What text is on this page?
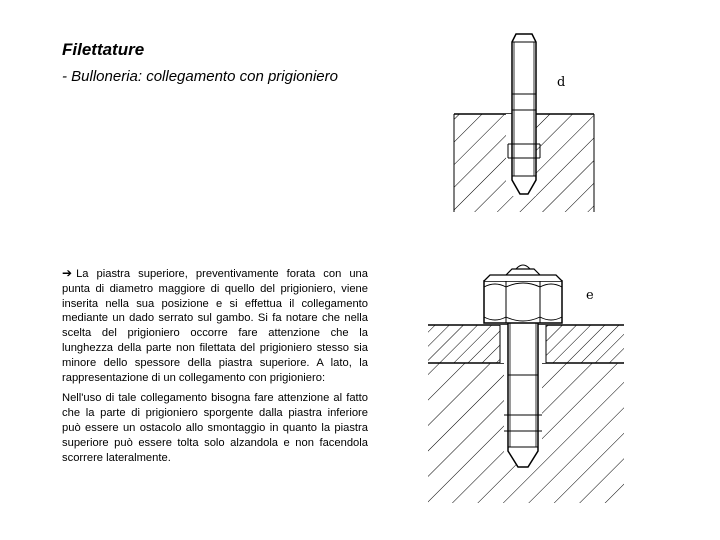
Filettature
- Bulloneria: collegamento con prigioniero

➔ La piastra superiore, preventivamente forata con una punta di diametro maggiore di quello del prigioniero, viene inserita nella sua posizione e si effettua il collegamento mediante un dado serrato sul gambo. Si fa notare che nella scelta del prigioniero occorre fare attenzione che la lunghezza della parte non filettata del prigioniero stesso sia minore dello spessore della piastra superiore. A lato, la rappresentazione di un collegamento con prigioniero:

Nell'uso di tale collegamento bisogna fare attenzione al fatto che la parte di prigioniero sporgente dalla piastra inferiore può essere un ostacolo allo smontaggio in quanto la piastra superiore può essere tolta solo alzandola e non facendola scorrere lateralmente.

d
e
